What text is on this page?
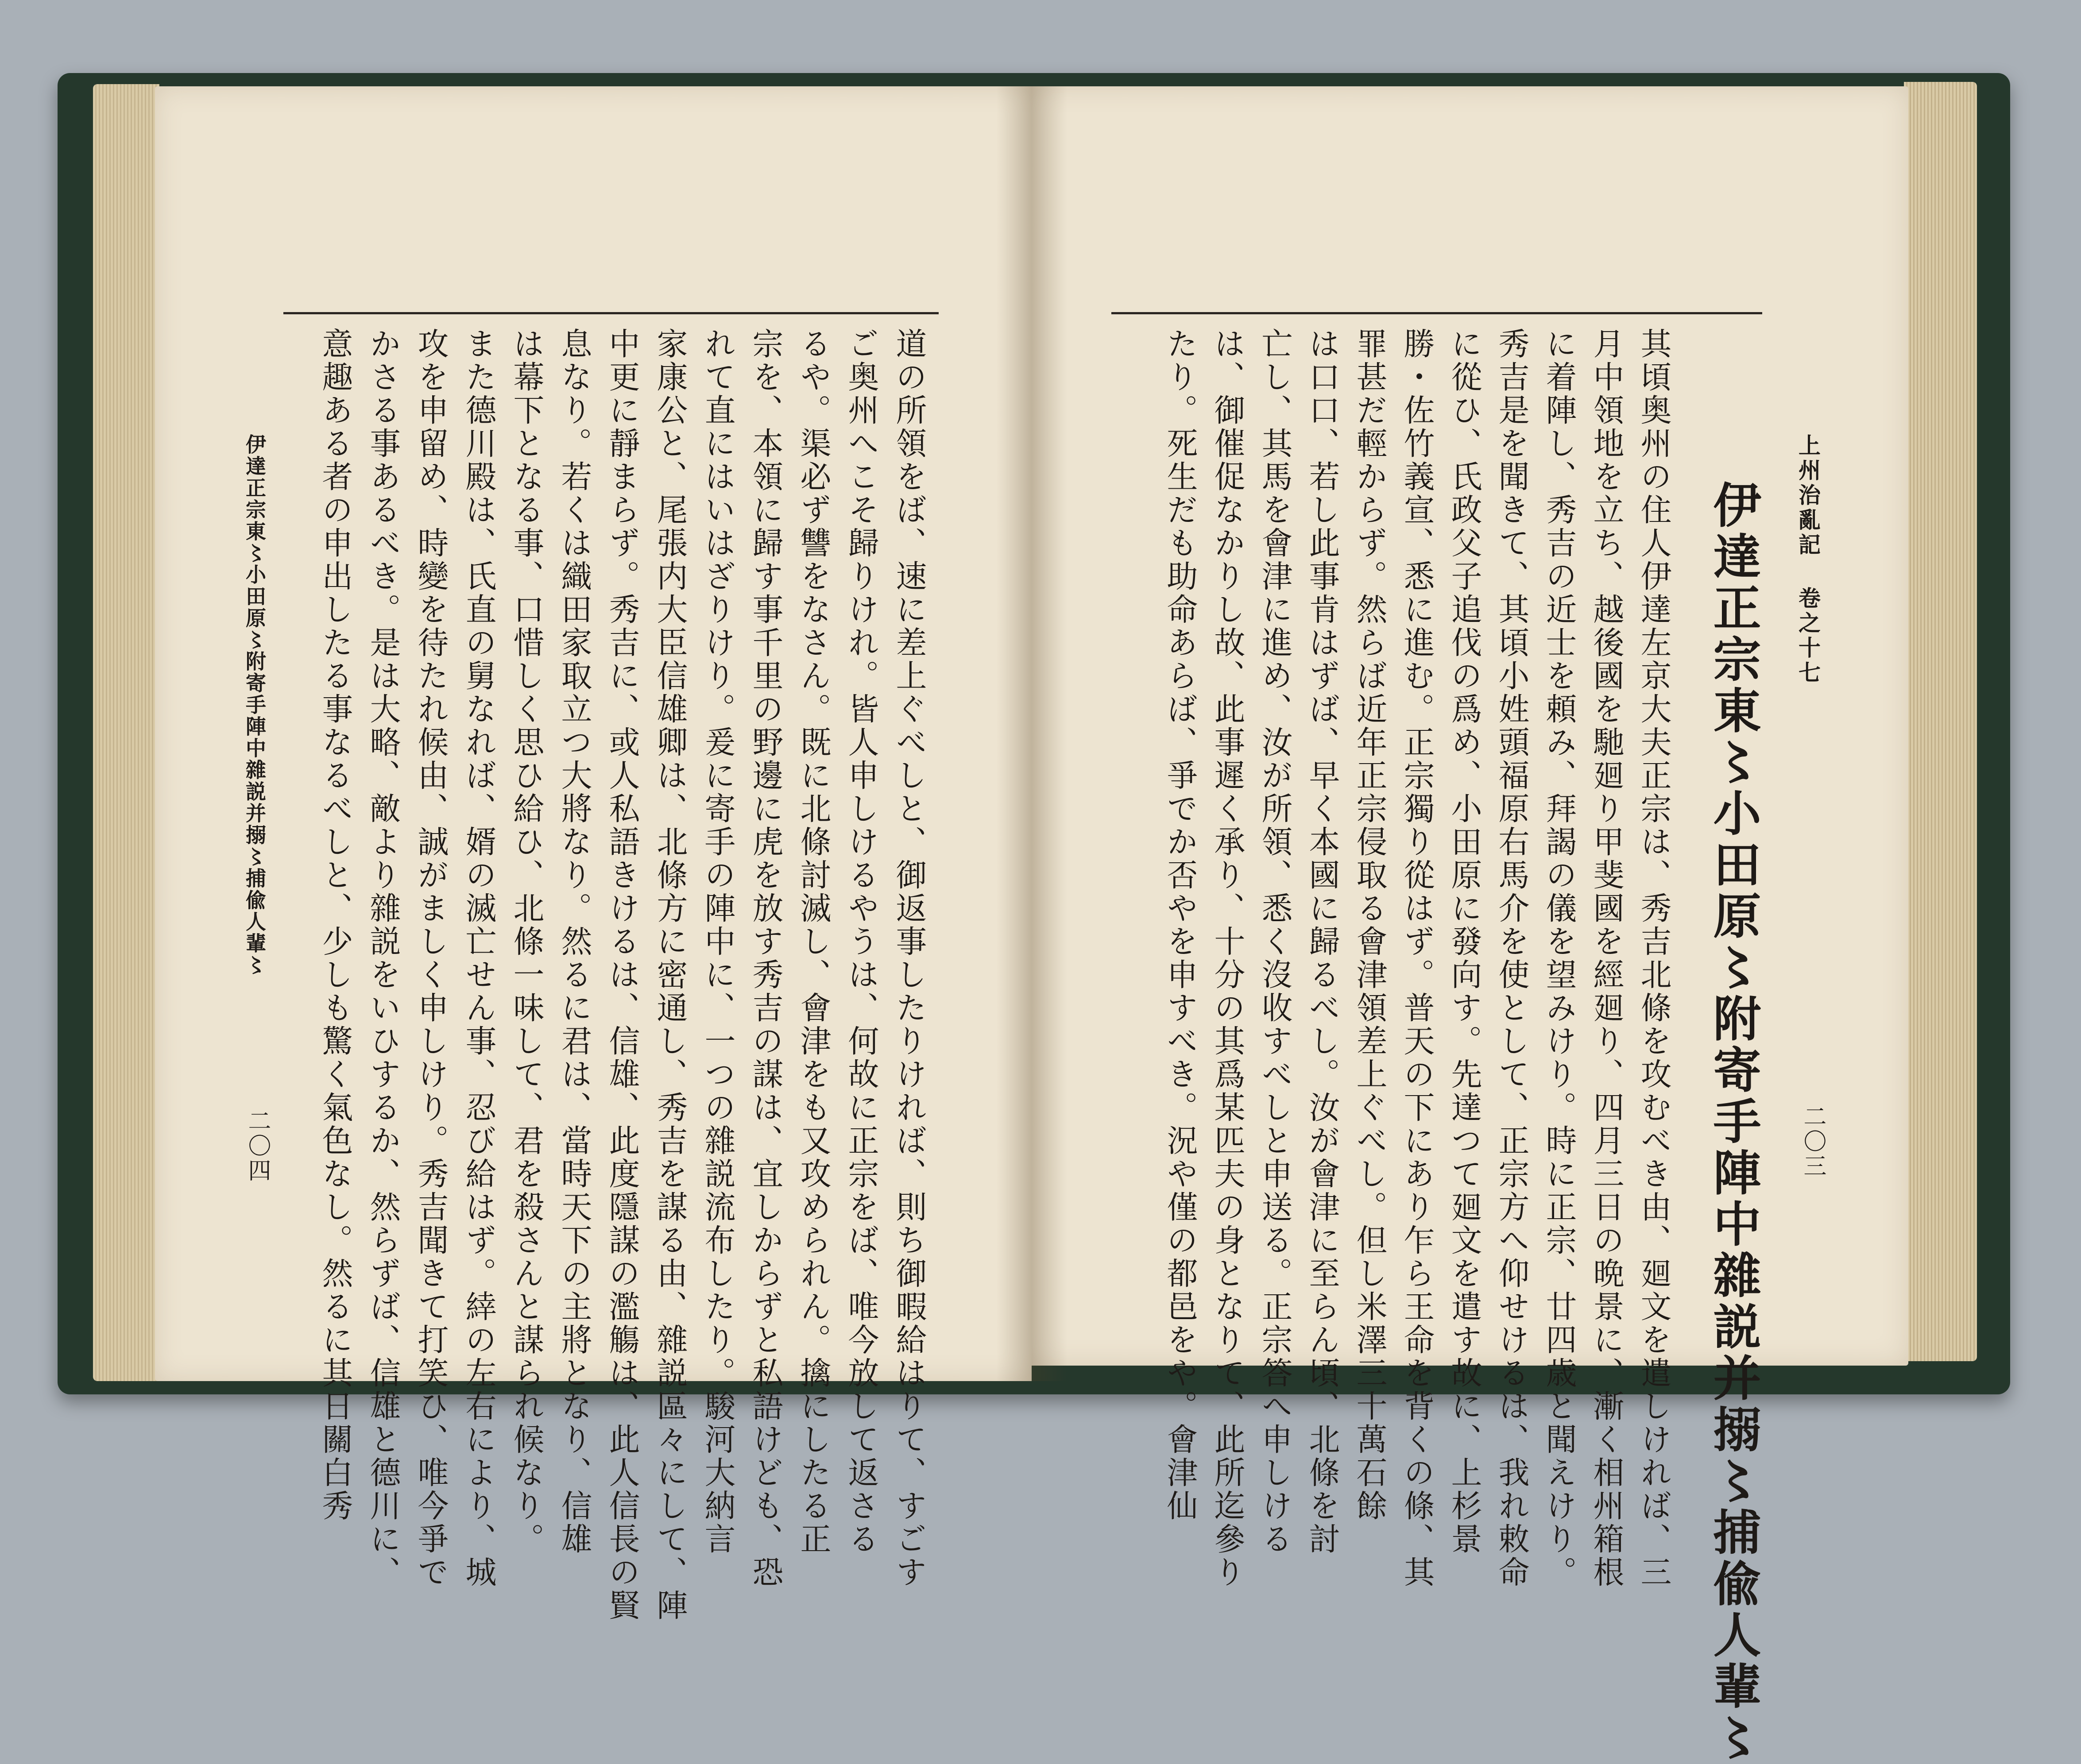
上州治亂記 卷之十七
二〇三
伊達正宗東〻小田原〻附寄手陣中雜説并搦〻捕偸人輩〻
其頃奥州の住人伊達左京大夫正宗は、秀吉北條を攻むべき由、廻文を遣しければ、三
月中領地を立ち、越後國を馳廻り甲斐國を經廻り、四月三日の晩景に、漸く相州箱根
に着陣し、秀吉の近士を頼み、拜謁の儀を望みけり。時に正宗、廿四歳と聞えけり。
秀吉是を聞きて、其頃小姓頭福原右馬介を使として、正宗方へ仰せけるは、我れ敕命
に從ひ、氏政父子追伐の爲め、小田原に發向す。先達つて廻文を遣す故に、上杉景
勝・佐竹義宣、悉に進む。正宗獨り從はず。普天の下にあり乍ら王命を背くの條、其
罪甚だ輕からず。然らば近年正宗侵取る會津領差上ぐべし。但し米澤三十萬石餘
は口口、若し此事肯はずば、早く本國に歸るべし。汝が會津に至らん頃、北條を討
亡し、其馬を會津に進め、汝が所領、悉く沒收すべしと申送る。正宗答へ申しける
は、御催促なかりし故、此事遲く承り、十分の其爲某匹夫の身となりて、此所迄參り
たり。死生だも助命あらば、爭でか否やを申すべき。況や僅の都邑をや。會津仙
道の所領をば、速に差上ぐべしと、御返事したりければ、則ち御暇給はりて、すごす
ご奥州へこそ歸りけれ。皆人申しけるやうは、何故に正宗をば、唯今放して返さる
るや。渠必ず讐をなさん。既に北條討滅し、會津をも又攻められん。擒にしたる正
宗を、本領に歸す事千里の野邊に虎を放す秀吉の謀は、宜しからずと私語けども、恐
れて直にはいはざりけり。爰に寄手の陣中に、一つの雜説流布したり。駿河大納言
家康公と、尾張内大臣信雄卿は、北條方に密通し、秀吉を謀る由、雜説區々にして、陣
中更に靜まらず。秀吉に、或人私語きけるは、信雄、此度隱謀の濫觴は、此人信長の賢
息なり。若くは織田家取立つ大將なり。然るに君は、當時天下の主將となり、信雄
は幕下となる事、口惜しく思ひ給ひ、北條一味して、君を殺さんと謀られ候なり。
また德川殿は、氏直の舅なれば、婿の滅亡せん事、忍び給はず。緈の左右により、城
攻を申留め、時變を待たれ候由、誠がましく申しけり。秀吉聞きて打笑ひ、唯今爭で
かさる事あるべき。是は大略、敵より雜説をいひするか、然らずば、信雄と德川に、
意趣ある者の申出したる事なるべしと、少しも驚く氣色なし。然るに其日關白秀
伊達正宗東〻小田原〻附寄手陣中雜説并搦〻捕偸人輩〻
二〇四
